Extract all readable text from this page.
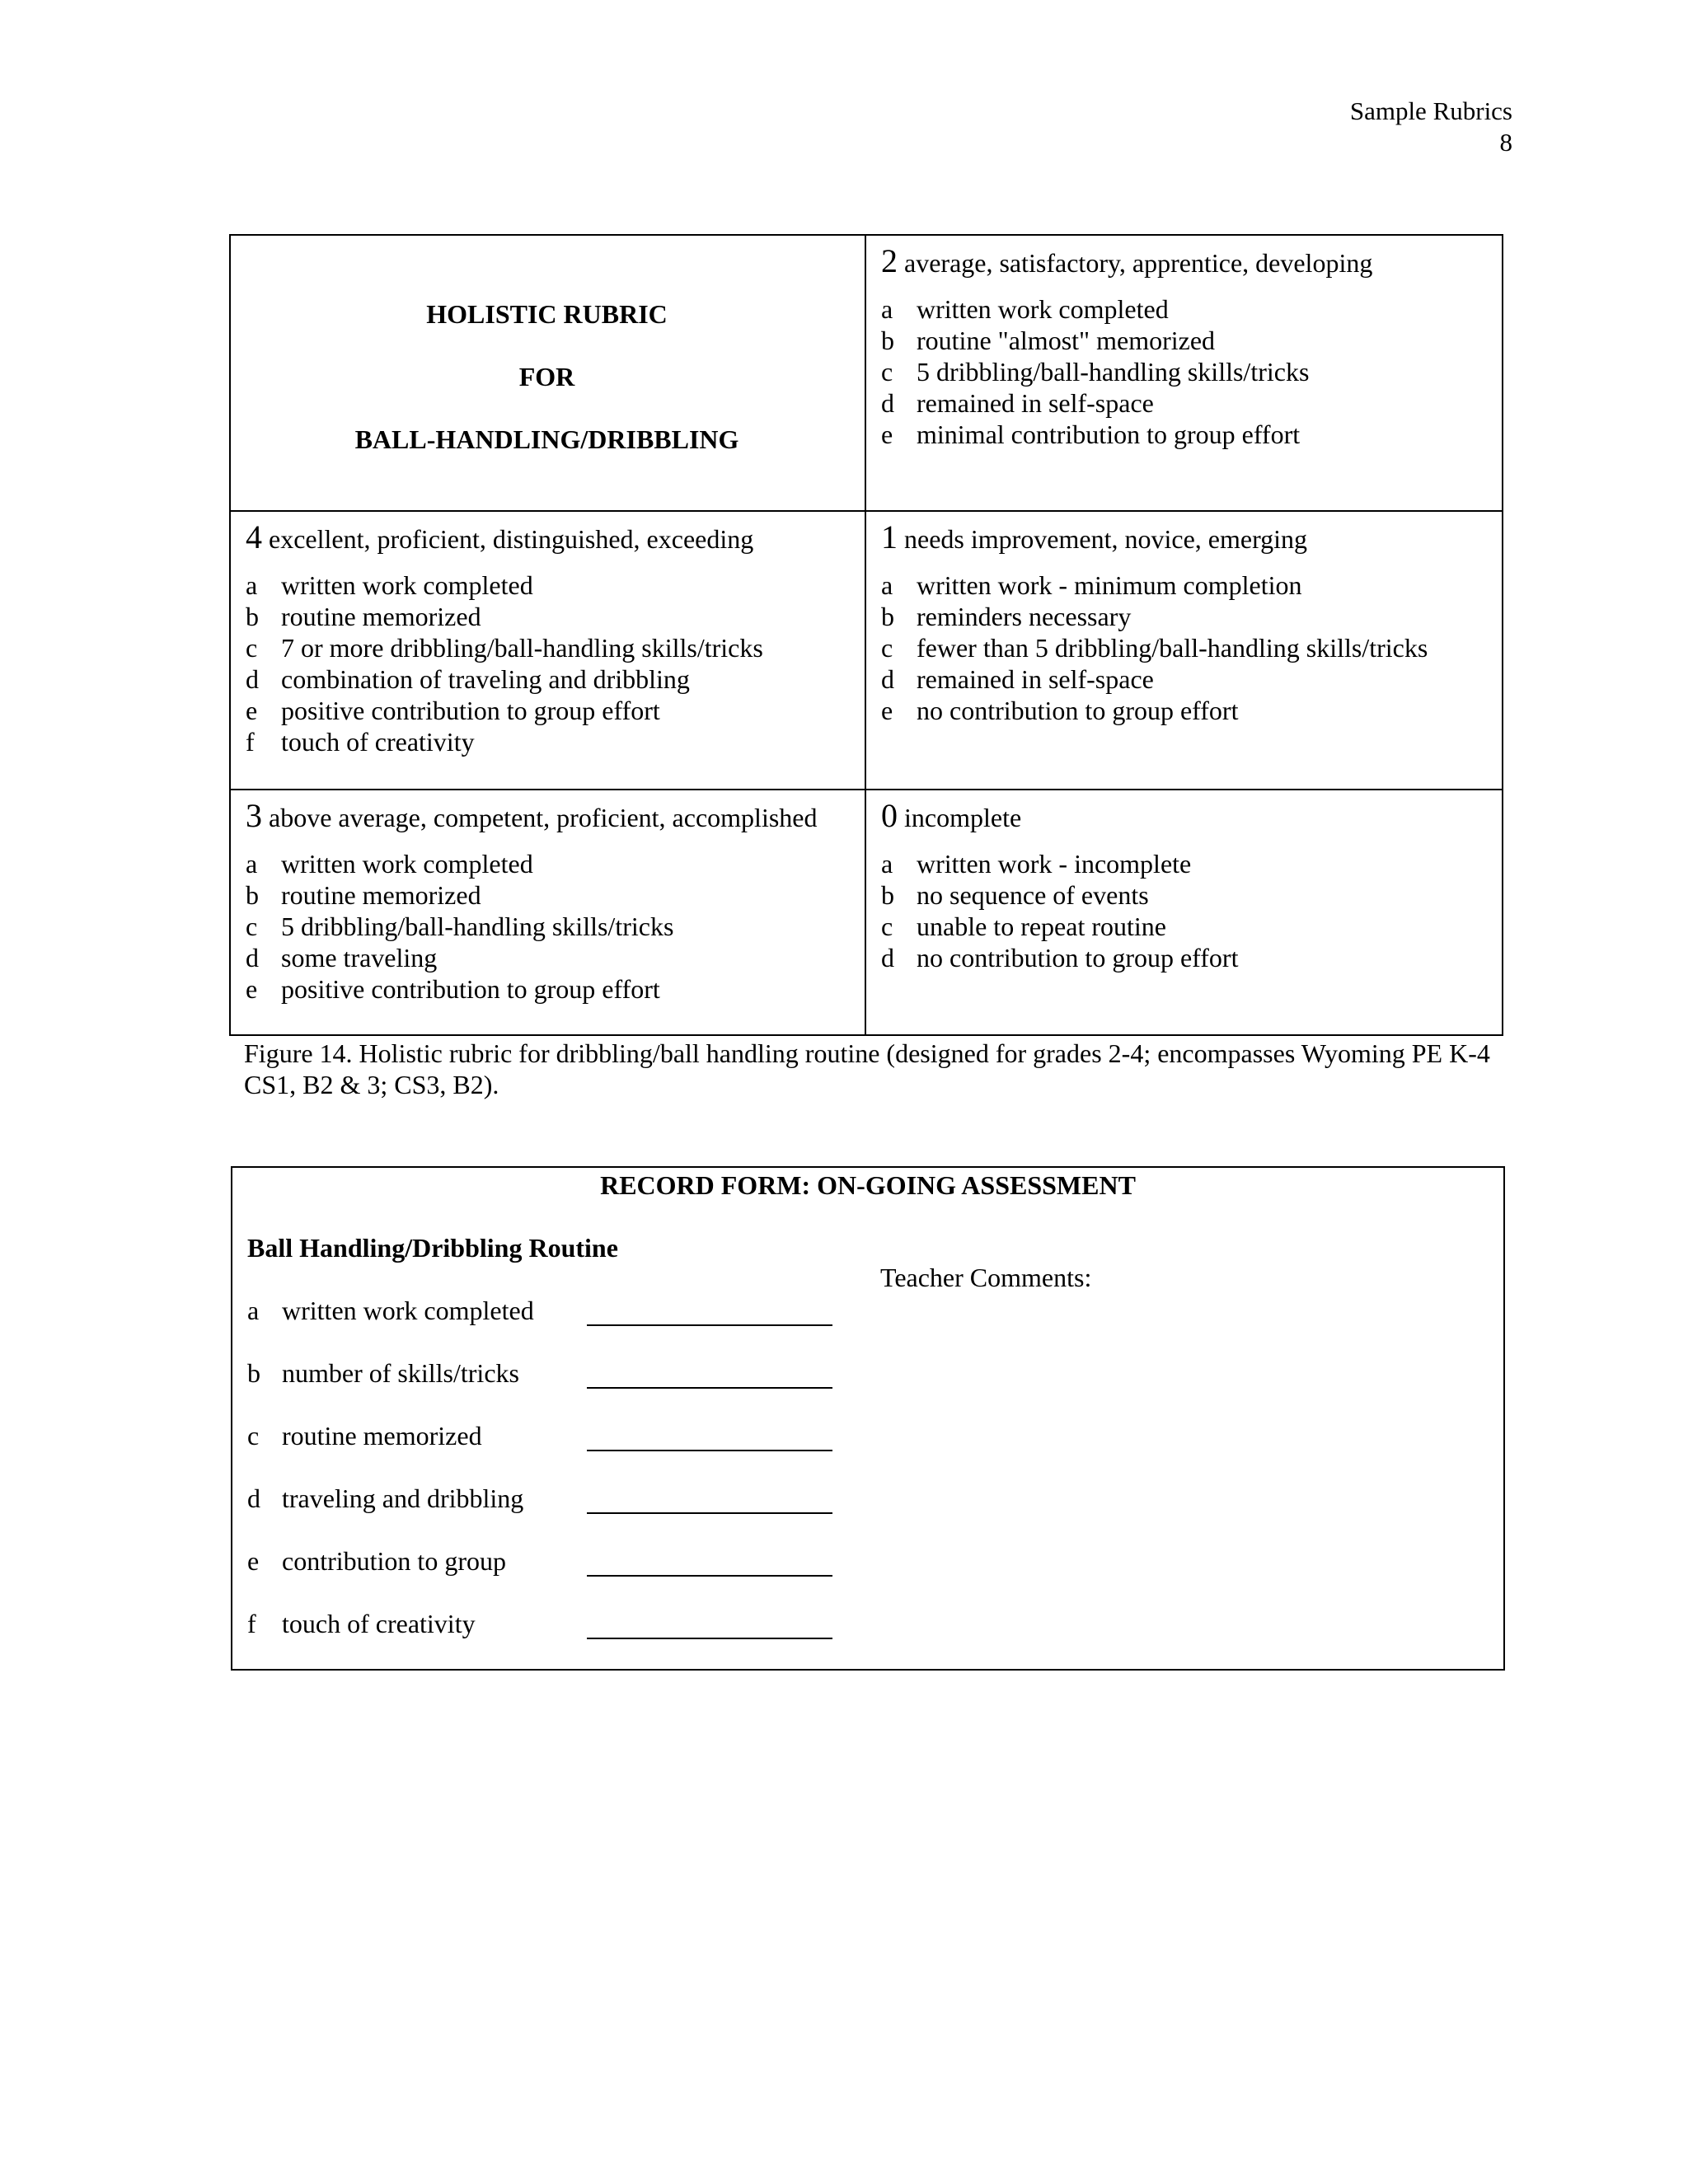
Sample Rubrics
8
HOLISTIC RUBRIC
FOR
BALL-HANDLING/DRIBBLING
2 average, satisfactory, apprentice, developing
a written work completed
b routine "almost" memorized
c 5 dribbling/ball-handling skills/tricks
d remained in self-space
e minimal contribution to group effort
4 excellent, proficient, distinguished, exceeding
a written work completed
b routine memorized
c 7 or more dribbling/ball-handling skills/tricks
d combination of traveling and dribbling
e positive contribution to group effort
f	touch of creativity
1 needs improvement, novice, emerging
a written work - minimum completion
b reminders necessary
c fewer than 5 dribbling/ball-handling skills/tricks
d remained in self-space
e no contribution to group effort
3 above average, competent, proficient, accomplished
a written work completed
b routine memorized
c 5 dribbling/ball-handling skills/tricks
d some traveling
e positive contribution to group effort
0 incomplete
a written work - incomplete
b no sequence of events
c unable to repeat routine
d no contribution to group effort
Figure 14. Holistic rubric for dribbling/ball handling routine (designed for grades 2-4; encompasses Wyoming PE K-4 CS1, B2 & 3; CS3, B2).
RECORD FORM: ON-GOING ASSESSMENT
Ball Handling/Dribbling Routine
a written work completed
b number of skills/tricks
c routine memorized
d traveling and dribbling
e contribution to group
f touch of creativity
Teacher Comments:
